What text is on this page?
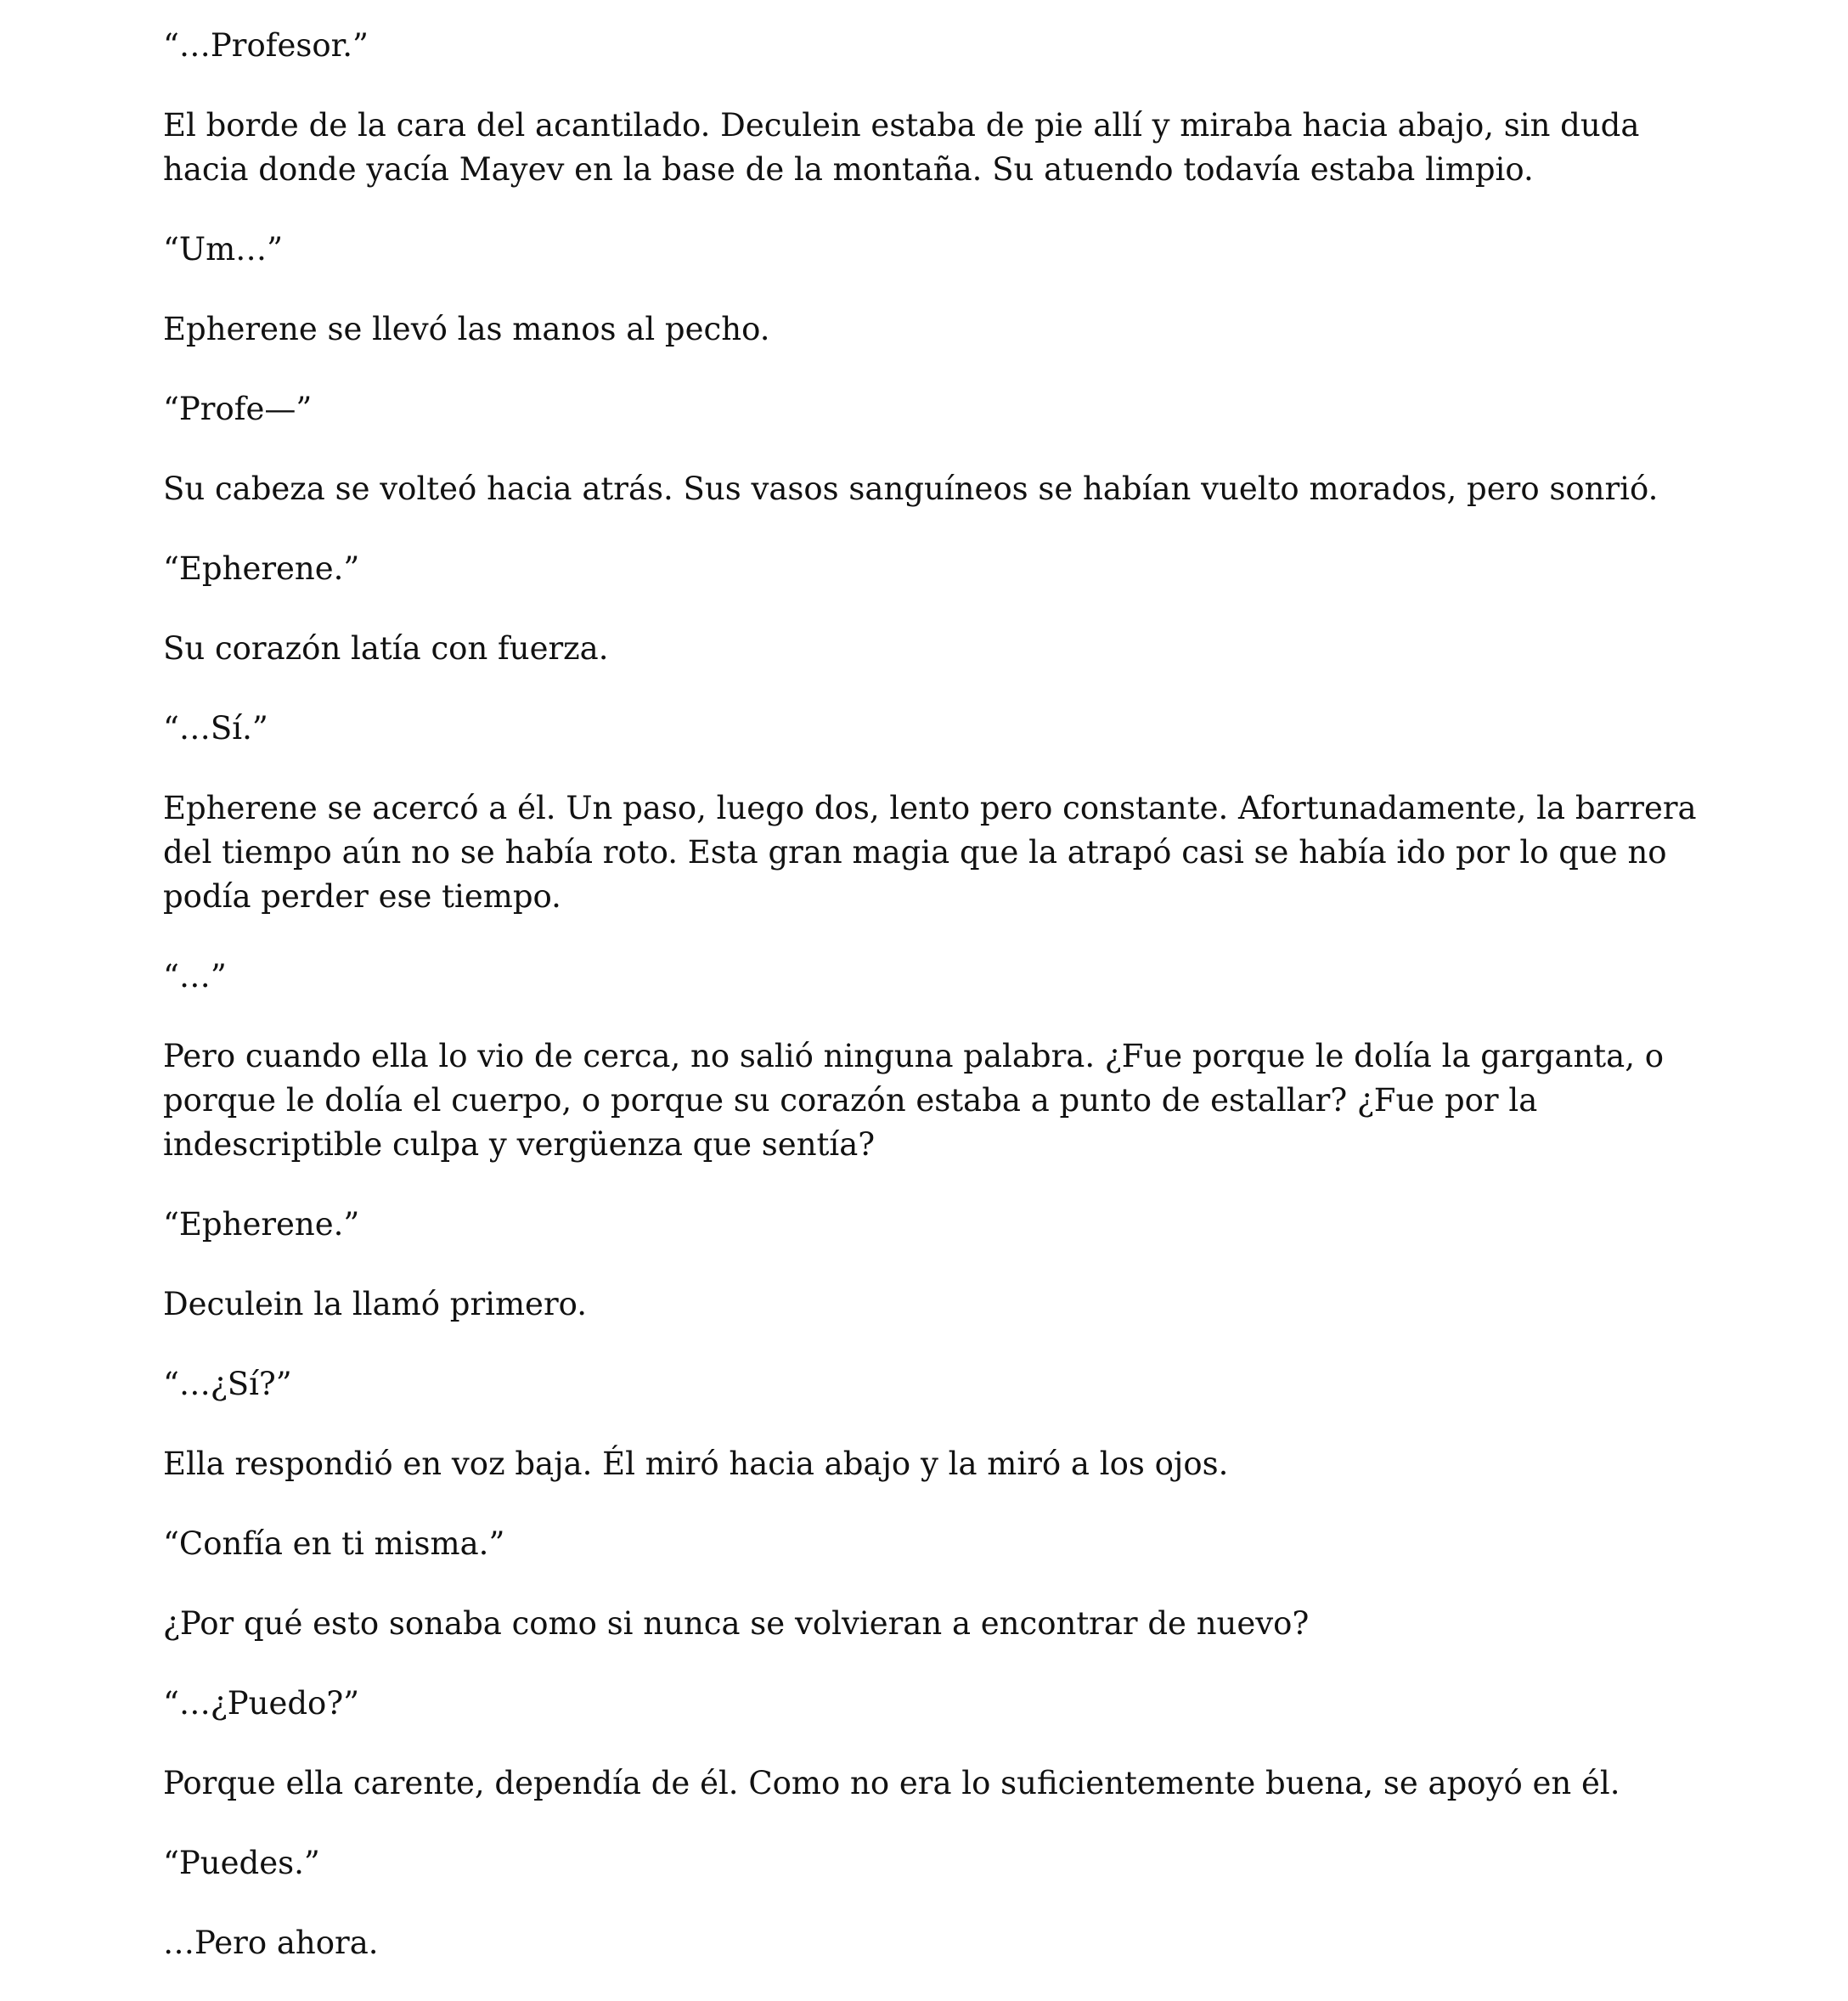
“…Profesor.”

El borde de la cara del acantilado. Deculein estaba de pie allí y miraba hacia abajo, sin duda hacia donde yacía Mayev en la base de la montaña. Su atuendo todavía estaba limpio.

“Um…”

Epherene se llevó las manos al pecho.

“Profe—”

Su cabeza se volteó hacia atrás. Sus vasos sanguíneos se habían vuelto morados, pero sonrió.

“Epherene.”

Su corazón latía con fuerza.

“…Sí.”

Epherene se acercó a él. Un paso, luego dos, lento pero constante. Afortunadamente, la barrera del tiempo aún no se había roto. Esta gran magia que la atrapó casi se había ido por lo que no podía perder ese tiempo.

“…”

Pero cuando ella lo vio de cerca, no salió ninguna palabra. ¿Fue porque le dolía la garganta, o porque le dolía el cuerpo, o porque su corazón estaba a punto de estallar? ¿Fue por la indescriptible culpa y vergüenza que sentía?

“Epherene.”

Deculein la llamó primero.

“…¿Sí?”

Ella respondió en voz baja. Él miró hacia abajo y la miró a los ojos.

“Confía en ti misma.”

¿Por qué esto sonaba como si nunca se volvieran a encontrar de nuevo?

“…¿Puedo?”

Porque ella carente, dependía de él. Como no era lo suficientemente buena, se apoyó en él.

“Puedes.”

…Pero ahora.
